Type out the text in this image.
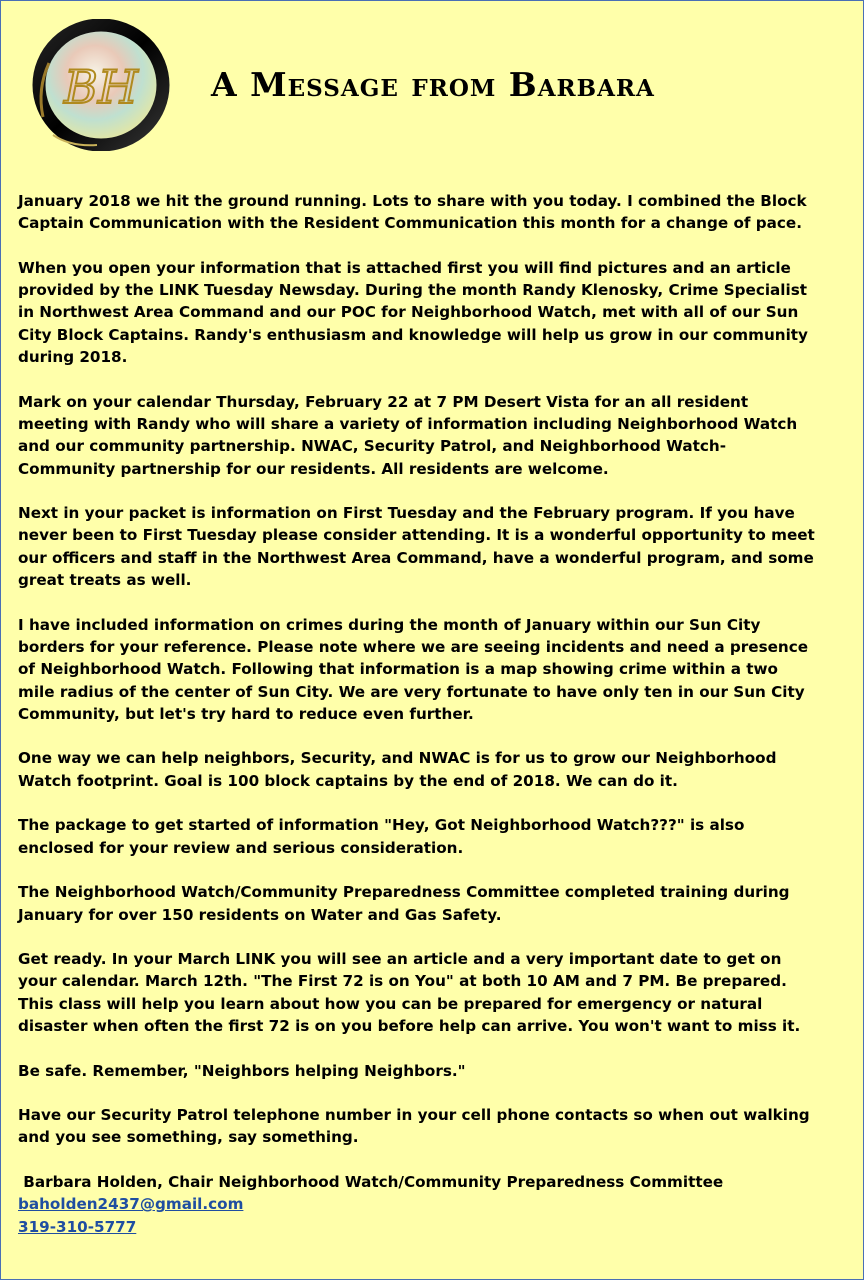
BH A Message from Barbara

January 2018 we hit the ground running. Lots to share with you today. I combined the Block Captain Communication with the Resident Communication this month for a change of pace.

When you open your information that is attached first you will find pictures and an article provided by the LINK Tuesday Newsday. During the month Randy Klenosky, Crime Specialist in Northwest Area Command and our POC for Neighborhood Watch, met with all of our Sun City Block Captains. Randy's enthusiasm and knowledge will help us grow in our community during 2018.

Mark on your calendar Thursday, February 22 at 7 PM Desert Vista for an all resident meeting with Randy who will share a variety of information including Neighborhood Watch and our community partnership. NWAC, Security Patrol, and Neighborhood Watch- Community partnership for our residents. All residents are welcome.

Next in your packet is information on First Tuesday and the February program. If you have never been to First Tuesday please consider attending. It is a wonderful opportunity to meet our officers and staff in the Northwest Area Command, have a wonderful program, and some great treats as well.

I have included information on crimes during the month of January within our Sun City borders for your reference. Please note where we are seeing incidents and need a presence of Neighborhood Watch. Following that information is a map showing crime within a two mile radius of the center of Sun City. We are very fortunate to have only ten in our Sun City Community, but let's try hard to reduce even further.

One way we can help neighbors, Security, and NWAC is for us to grow our Neighborhood Watch footprint. Goal is 100 block captains by the end of 2018. We can do it.

The package to get started of information "Hey, Got Neighborhood Watch???" is also enclosed for your review and serious consideration.

The Neighborhood Watch/Community Preparedness Committee completed training during January for over 150 residents on Water and Gas Safety.

Get ready. In your March LINK you will see an article and a very important date to get on your calendar. March 12th. "The First 72 is on You" at both 10 AM and 7 PM. Be prepared. This class will help you learn about how you can be prepared for emergency or natural disaster when often the first 72 is on you before help can arrive. You won't want to miss it.

Be safe. Remember, "Neighbors helping Neighbors."

Have our Security Patrol telephone number in your cell phone contacts so when out walking and you see something, say something.

Barbara Holden, Chair Neighborhood Watch/Community Preparedness Committee
baholden2437@gmail.com
319-310-5777
